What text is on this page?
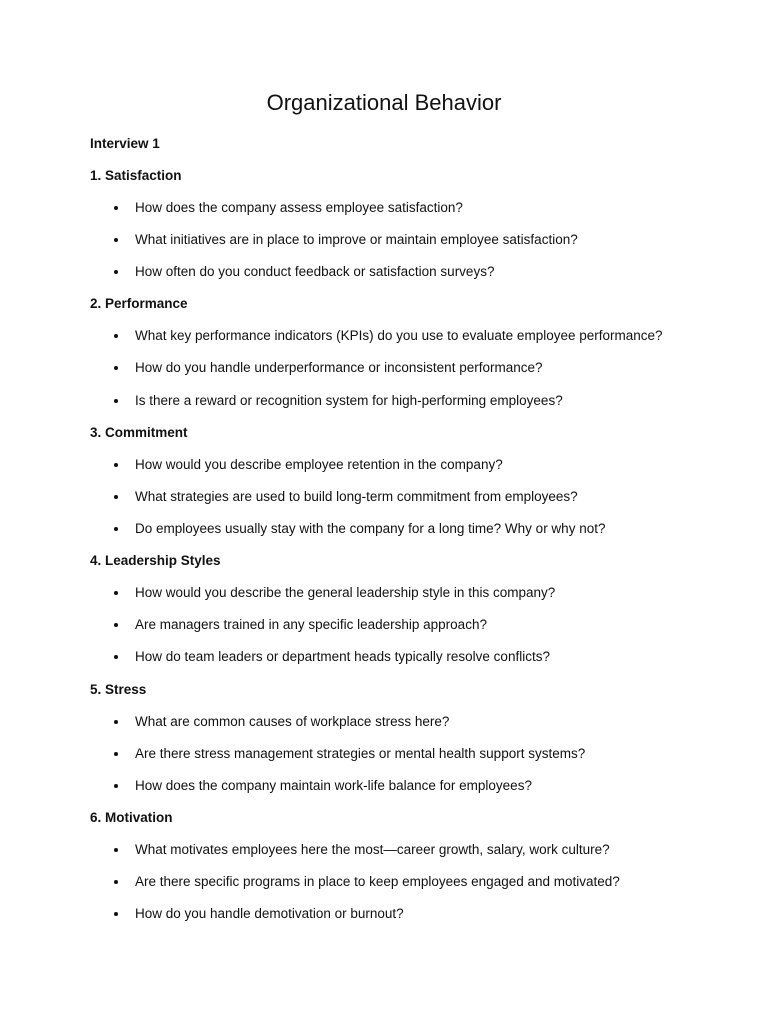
Organizational Behavior
Interview 1
1. Satisfaction
How does the company assess employee satisfaction?
What initiatives are in place to improve or maintain employee satisfaction?
How often do you conduct feedback or satisfaction surveys?
2. Performance
What key performance indicators (KPIs) do you use to evaluate employee performance?
How do you handle underperformance or inconsistent performance?
Is there a reward or recognition system for high-performing employees?
3. Commitment
How would you describe employee retention in the company?
What strategies are used to build long-term commitment from employees?
Do employees usually stay with the company for a long time? Why or why not?
4. Leadership Styles
How would you describe the general leadership style in this company?
Are managers trained in any specific leadership approach?
How do team leaders or department heads typically resolve conflicts?
5. Stress
What are common causes of workplace stress here?
Are there stress management strategies or mental health support systems?
How does the company maintain work-life balance for employees?
6. Motivation
What motivates employees here the most—career growth, salary, work culture?
Are there specific programs in place to keep employees engaged and motivated?
How do you handle demotivation or burnout?
